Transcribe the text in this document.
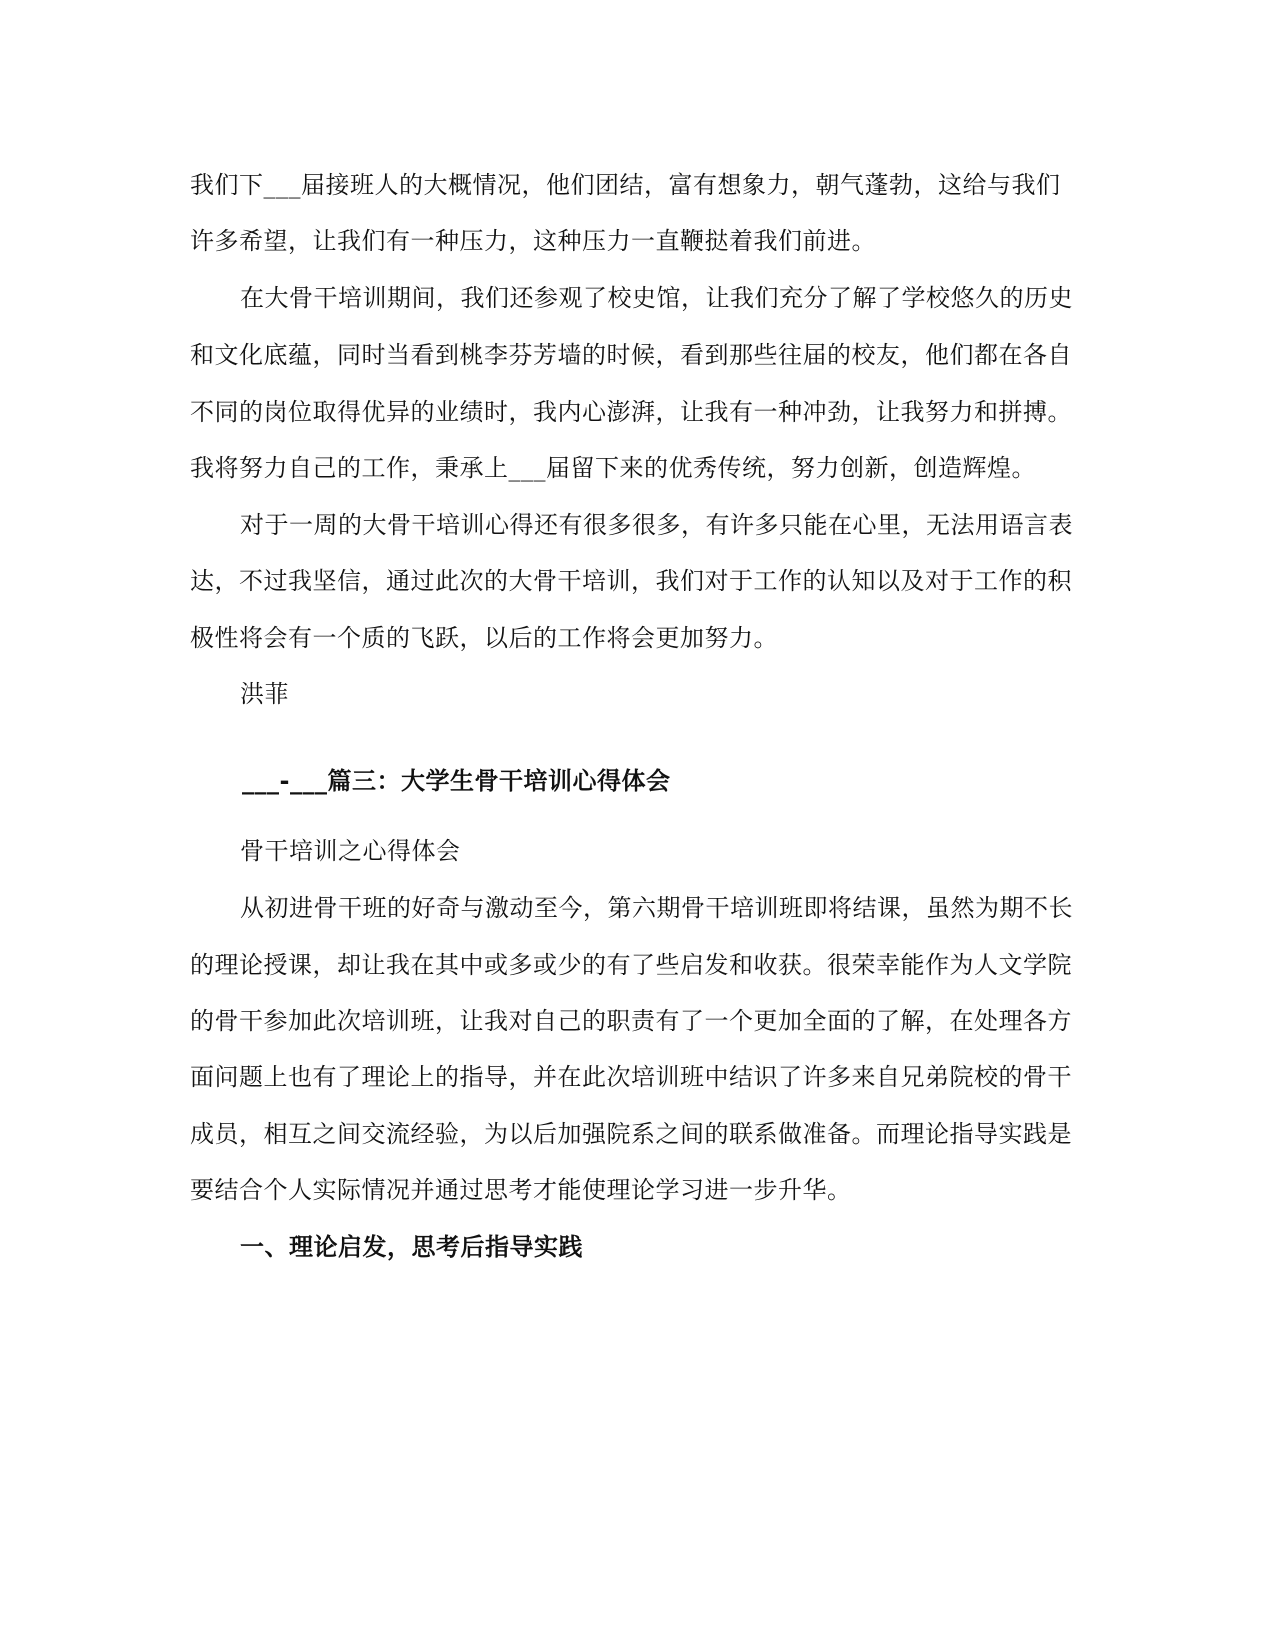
我们下___届接班人的大概情况，他们团结，富有想象力，朝气蓬勃，这给与我们
许多希望，让我们有一种压力，这种压力一直鞭挞着我们前进。
在大骨干培训期间，我们还参观了校史馆，让我们充分了解了学校悠久的历史
和文化底蕴，同时当看到桃李芬芳墙的时候，看到那些往届的校友，他们都在各自
不同的岗位取得优异的业绩时，我内心澎湃，让我有一种冲劲，让我努力和拼搏。
我将努力自己的工作，秉承上___届留下来的优秀传统，努力创新，创造辉煌。
对于一周的大骨干培训心得还有很多很多，有许多只能在心里，无法用语言表
达，不过我坚信，通过此次的大骨干培训，我们对于工作的认知以及对于工作的积
极性将会有一个质的飞跃，以后的工作将会更加努力。
洪菲
___-___篇三：大学生骨干培训心得体会
骨干培训之心得体会
从初进骨干班的好奇与激动至今，第六期骨干培训班即将结课，虽然为期不长
的理论授课，却让我在其中或多或少的有了些启发和收获。很荣幸能作为人文学院
的骨干参加此次培训班，让我对自己的职责有了一个更加全面的了解，在处理各方
面问题上也有了理论上的指导，并在此次培训班中结识了许多来自兄弟院校的骨干
成员，相互之间交流经验，为以后加强院系之间的联系做准备。而理论指导实践是
要结合个人实际情况并通过思考才能使理论学习进一步升华。
一、理论启发，思考后指导实践
